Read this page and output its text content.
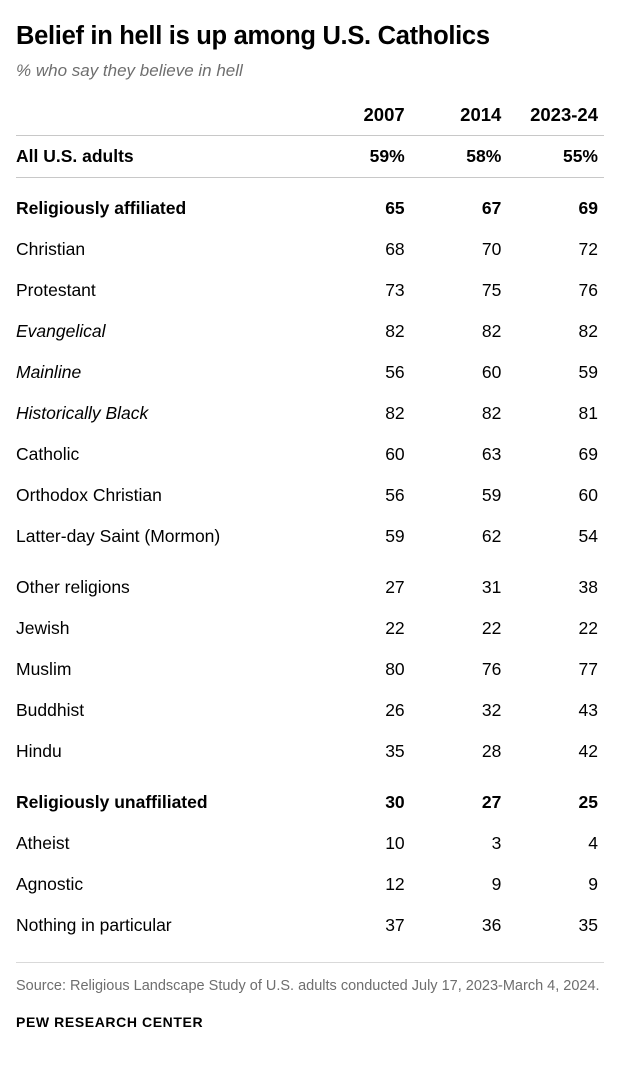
Belief in hell is up among U.S. Catholics
% who say they believe in hell
	2007	2014	2023-24
All U.S. adults	59%	58%	55%
Religiously affiliated	65	67	69
Christian	68	70	72
Protestant	73	75	76
Evangelical	82	82	82
Mainline	56	60	59
Historically Black	82	82	81
Catholic	60	63	69
Orthodox Christian	56	59	60
Latter-day Saint (Mormon)	59	62	54
Other religions	27	31	38
Jewish	22	22	22
Muslim	80	76	77
Buddhist	26	32	43
Hindu	35	28	42
Religiously unaffiliated	30	27	25
Atheist	10	3	4
Agnostic	12	9	9
Nothing in particular	37	36	35
Source: Religious Landscape Study of U.S. adults conducted July 17, 2023-March 4, 2024.
PEW RESEARCH CENTER
